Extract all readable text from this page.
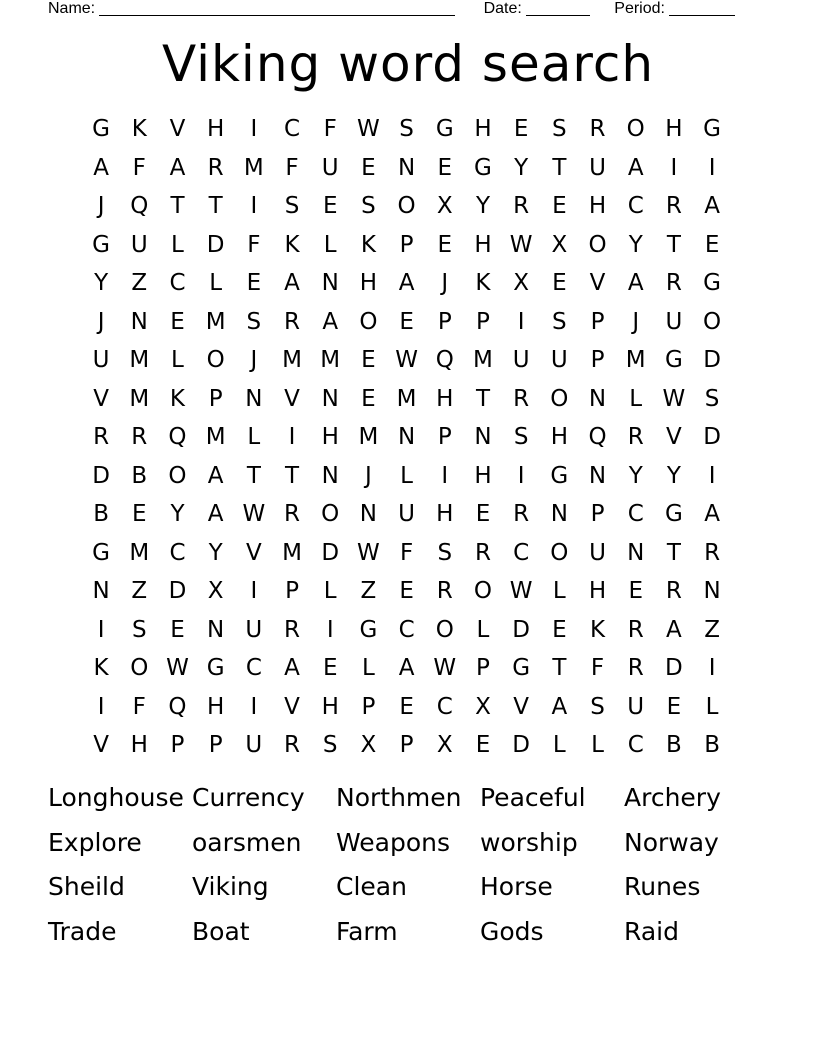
Name:	Date:	Period:
Viking word search
G K V H	I	C	F W S G H E	S R O H G
A	F	A R M F	U E N E G Y	T U A	I	I
J	Q T	T	I	S	E	S O X	Y	R E H C R A
G U	L D F	K	L	K	P	E H W X O Y	T	E
Y	Z C	L	E	A N H A	J	K X	E	V A R G
J	N E M S R A O E	P	P	I	S	P	J	U O
U M L O	J	M M E W Q M U U P M G D
V M K	P N V N E M H T	R O N	L W S
R R Q M L	I	H M N P N S H Q R V D
D B O A	T	T N	J	L	I	H	I	G N Y	Y	I
B	E	Y	A W R O N U H E R N P	C G A
G M C	Y	V M D W F	S R C O U N T	R
N Z D X	I	P	L	Z	E R O W L	H E R N
I	S	E N U R	I	G C O L D E	K R A Z
K O W G C A	E	L	A W P G T	F	R D	I
I	F Q H	I	V H P	E C X V A	S U E	L
V H P	P U R S	X	P	X	E D L	L	C B B
Longhouse Currency	Northmen Peaceful	Archery
Explore	oarsmen	Weapons	worship	Norway
Sheild	Viking	Clean	Horse	Runes
Trade	Boat	Farm	Gods	Raid
